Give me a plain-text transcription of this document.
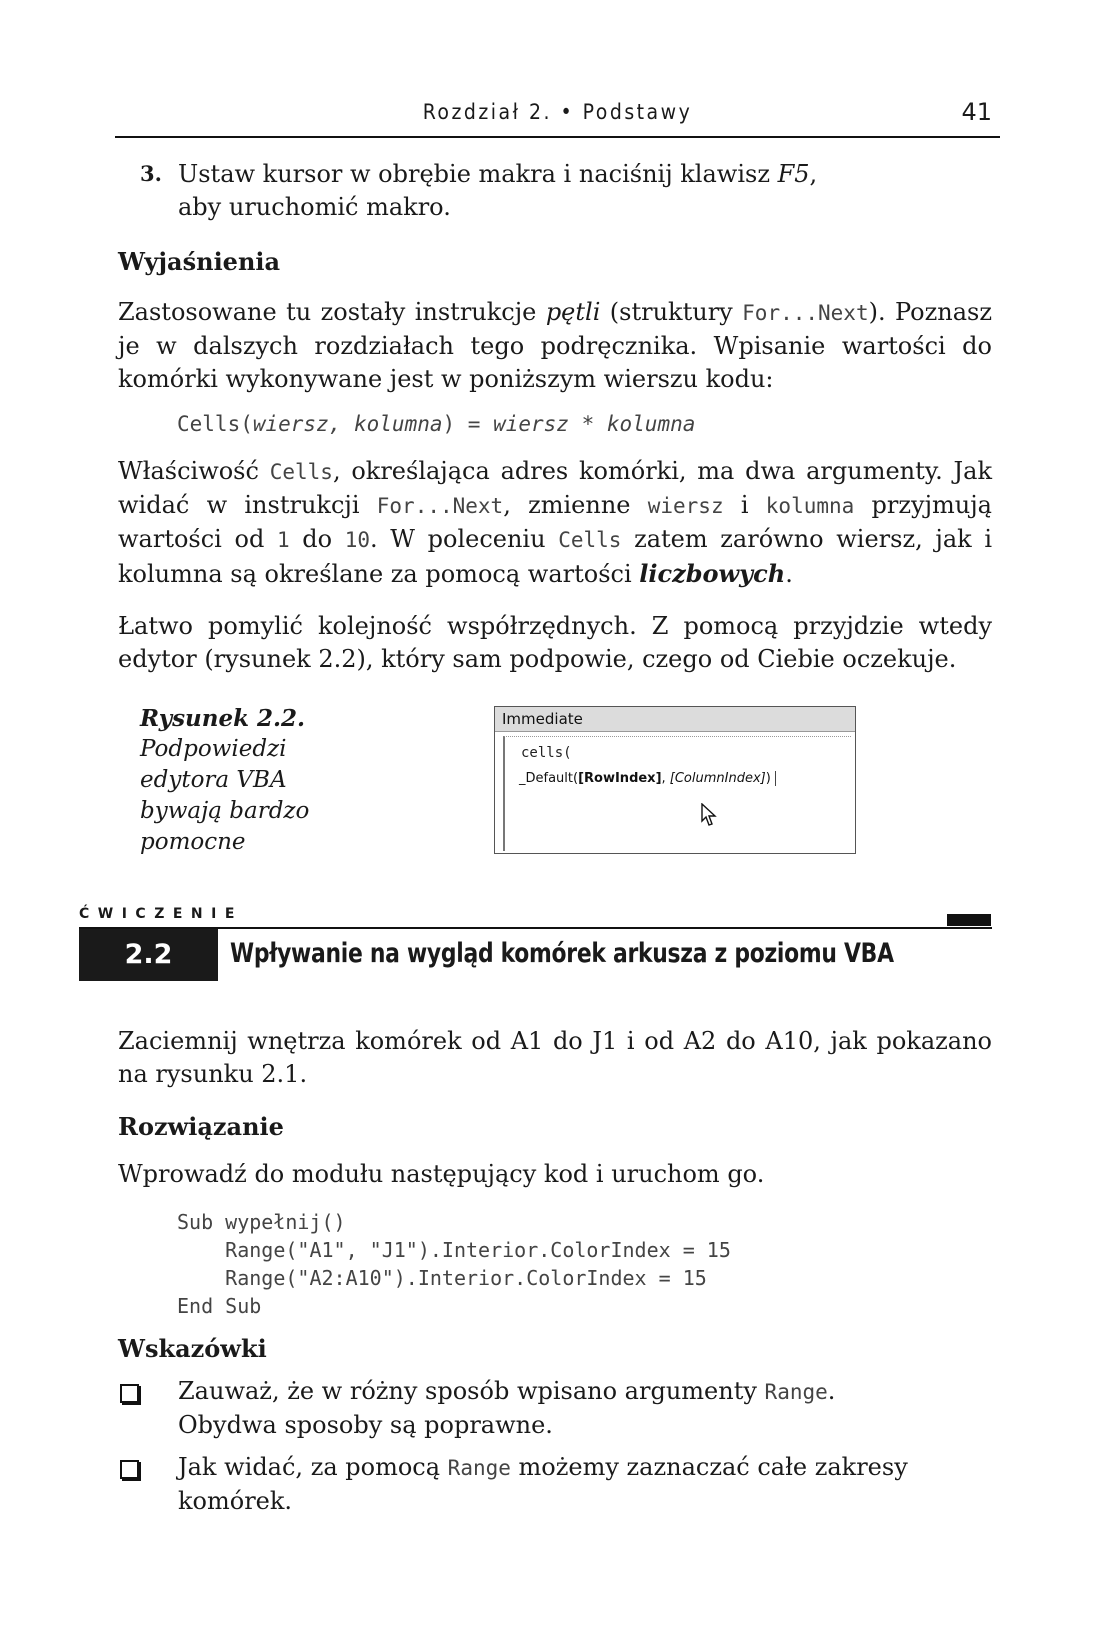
Rozdział 2. • Podstawy	41
3. Ustaw kursor w obrębie makra i naciśnij klawisz F5,
aby uruchomić makro.

Wyjaśnienia

Zastosowane tu zostały instrukcje pętli (struktury For...Next). Poznasz je w dalszych rozdziałach tego podręcznika. Wpisanie wartości do komórki wykonywane jest w poniższym wierszu kodu:

Cells(wiersz, kolumna) = wiersz * kolumna

Właściwość Cells, określająca adres komórki, ma dwa argumenty. Jak widać w instrukcji For...Next, zmienne wiersz i kolumna przyjmują wartości od 1 do 10. W poleceniu Cells zatem zarówno wiersz, jak i kolumna są określane za pomocą wartości liczbowych.

Łatwo pomylić kolejność współrzędnych. Z pomocą przyjdzie wtedy edytor (rysunek 2.2), który sam podpowie, czego od Ciebie oczekuje.

Rysunek 2.2.
Podpowiedzi
edytora VBA
bywają bardzo
pomocne
Immediate
cells(
_Default([RowIndex], [ColumnIndex])
ĆWICZENIE
2.2	Wpływanie na wygląd komórek arkusza z poziomu VBA

Zaciemnij wnętrza komórek od A1 do J1 i od A2 do A10, jak pokazano na rysunku 2.1.

Rozwiązanie

Wprowadź do modułu następujący kod i uruchom go.

Sub wypełnij()
Range("A1", "J1").Interior.ColorIndex = 15
Range("A2:A10").Interior.ColorIndex = 15
End Sub

Wskazówki

Zauważ, że w różny sposób wpisano argumenty Range.
Obydwa sposoby są poprawne.

Jak widać, za pomocą Range możemy zaznaczać całe zakresy
komórek.
